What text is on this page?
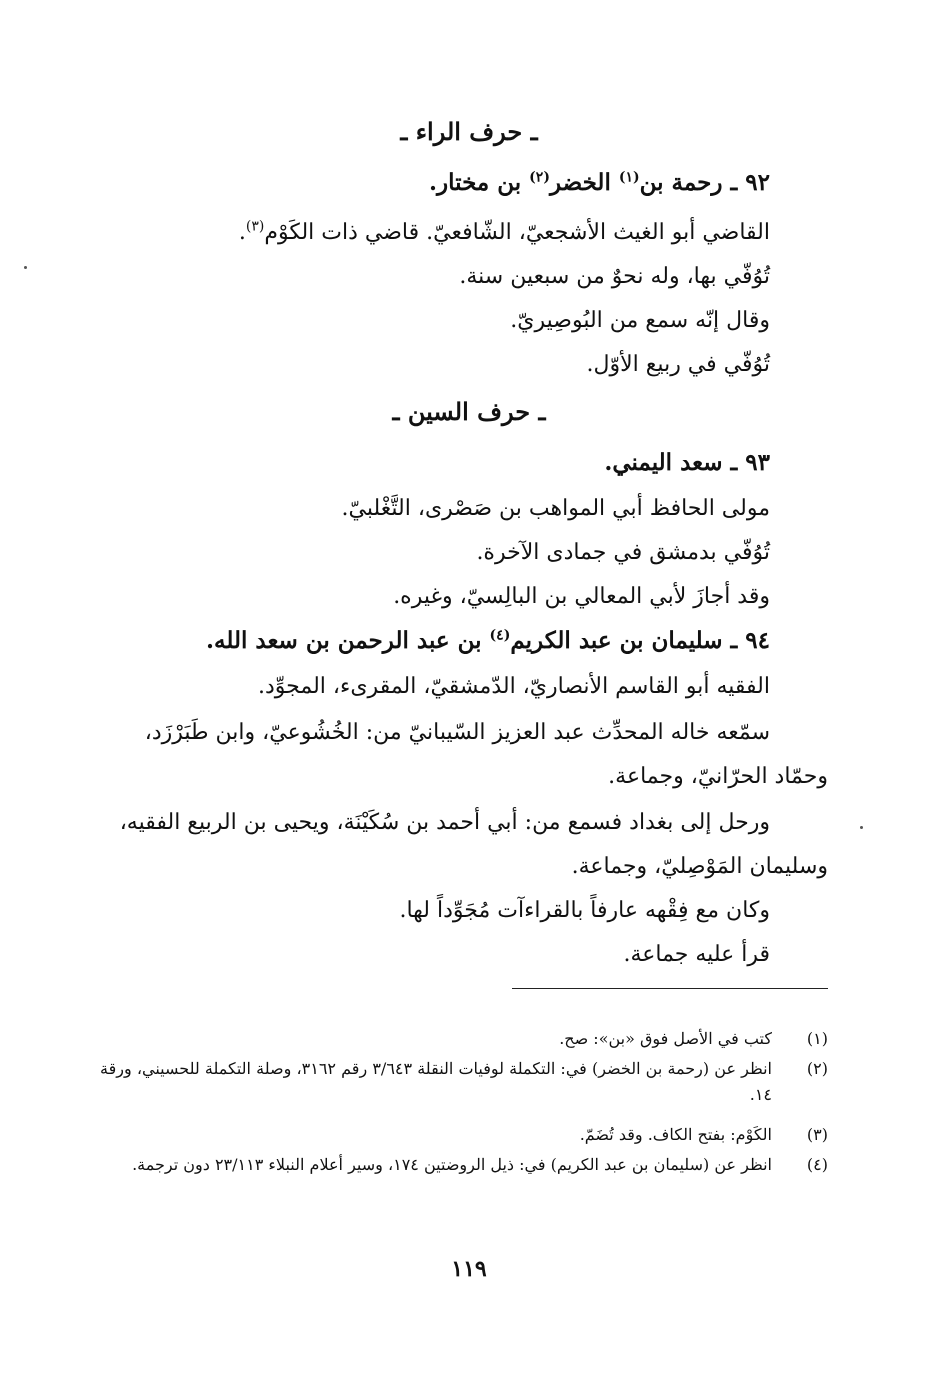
ـ حرف الراء ـ
٩٢ ـ رحمة بن$^{(١)}$ الخضر$^{(٢)}$ بن مختار.
القاضي أبو الغيث الأشجعيّ، الشّافعيّ. قاضي ذات الكَوْم$^{(٣)}$.
تُوُفّي بها، وله نحوٌ من سبعين سنة.
وقال إنّه سمع من البُوصِيريّ.
تُوُفّي في ربيع الأوّل.
ـ حرف السين ـ
٩٣ ـ سعد اليمني.
مولى الحافظ أبي المواهب بن صَصْرى، التَّغْلبيّ.
تُوُفّي بدمشق في جمادى الآخرة.
وقد أجازَ لأبي المعالي بن البالِسيّ، وغيره.
٩٤ ـ سليمان بن عبد الكريم$^{(٤)}$ بن عبد الرحمن بن سعد الله.
الفقيه أبو القاسم الأنصاريّ، الدّمشقيّ، المقرىء، المجوِّد.
سمّعه خاله المحدِّث عبد العزيز السّيبانيّ من: الخُشُوعيّ، وابن طَبَرْزَد،
وحمّاد الحرّانيّ، وجماعة.
ورحل إلى بغداد فسمع من: أبي أحمد بن سُكَيْنَة، ويحيى بن الربيع الفقيه،
وسليمان المَوْصِليّ، وجماعة.
وكان مع فِقْهه عارفاً بالقراءآت مُجَوِّداً لها.
قرأ عليه جماعة.
(١)
كتب في الأصل فوق «بن»: صح.
(٢)
انظر عن (رحمة بن الخضر) في: التكملة لوفيات النقلة ٣/٦٤٣ رقم ٣١٦٢، وصلة التكملة للحسيني، ورقة ١٤.
(٣)
الكَوْم: بفتح الكاف. وقد تُضَمّ.
(٤)
انظر عن (سليمان بن عبد الكريم) في: ذيل الروضتين ١٧٤، وسير أعلام النبلاء ٢٣/١١٣ دون ترجمة.
١١٩
